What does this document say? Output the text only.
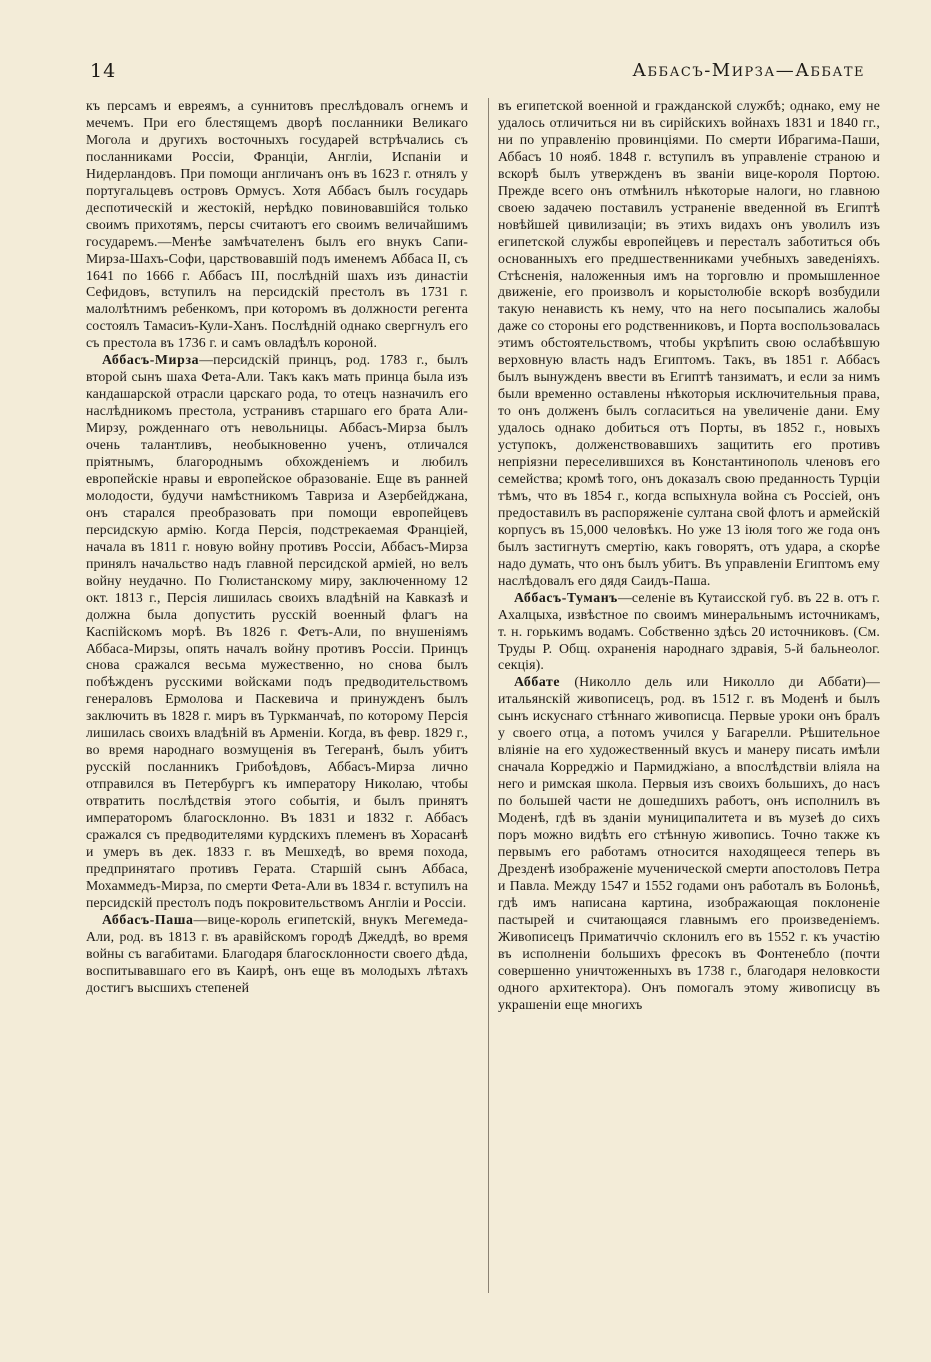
14	Аббасъ-Мирза—Аббате

къ персамъ и евреямъ, а суннитовъ преслѣдовалъ огнемъ и мечемъ. При его блестящемъ дворѣ посланники Великаго Могола и другихъ восточныхъ государей встрѣчались съ посланниками Россіи, Франціи, Англіи, Испаніи и Нидерландовъ. При помощи англичанъ онъ въ 1623 г. отнялъ у португальцевъ островъ Ормусъ. Хотя Аббасъ былъ государь деспотическій и жестокій, нерѣдко повиновавшійся только своимъ прихотямъ, персы считаютъ его своимъ величайшимъ государемъ.—Менѣе замѣчателенъ былъ его внукъ Сапи-Мирза-Шахъ-Софи, царствовавшій подъ именемъ Аббаса II, съ 1641 по 1666 г. Аббасъ III, послѣдній шахъ изъ династіи Сефидовъ, вступилъ на персидскій престолъ въ 1731 г. малолѣтнимъ ребенкомъ, при которомъ въ должности регента состоялъ Тамасиъ-Кули-Ханъ. Послѣдній однако свергнулъ его съ престола въ 1736 г. и самъ овладѣлъ короной.

Аббасъ-Мирза—персидскій принцъ, род. 1783 г., былъ второй сынъ шаха Фета-Али. Такъ какъ мать принца была изъ кандашарской отрасли царскаго рода, то отецъ назначилъ его наслѣдникомъ престола, устранивъ старшаго его брата Али-Мирзу, рожденнаго отъ невольницы. Аббасъ-Мирза былъ очень талантливъ, необыкновенно ученъ, отличался пріятнымъ, благороднымъ обхожденіемъ и любилъ европейскіе нравы и европейское образованіе. Еще въ ранней молодости, будучи намѣстникомъ Тавриза и Азербейджана, онъ старался преобразовать при помощи европейцевъ персидскую армію. Когда Персія, подстрекаемая Франціей, начала въ 1811 г. новую войну противъ Россіи, Аббасъ-Мирза принялъ начальство надъ главной персидской арміей, но велъ войну неудачно. По Гюлистанскому миру, заключенному 12 окт. 1813 г., Персія лишилась своихъ владѣній на Кавказѣ и должна была допустить русскій военный флагъ на Каспійскомъ морѣ. Въ 1826 г. Фетъ-Али, по внушеніямъ Аббаса-Мирзы, опять началъ войну противъ Россіи. Принцъ снова сражался весьма мужественно, но снова былъ побѣжденъ русскими войсками подъ предводительствомъ генераловъ Ермолова и Паскевича и принужденъ былъ заключить въ 1828 г. миръ въ Туркманчаѣ, по которому Персія лишилась своихъ владѣній въ Арменіи. Когда, въ февр. 1829 г., во время народнаго возмущенія въ Тегеранѣ, былъ убитъ русскій посланникъ Грибоѣдовъ, Аббасъ-Мирза лично отправился въ Петербургъ къ императору Николаю, чтобы отвратить послѣдствія этого событія, и былъ принятъ императоромъ благосклонно. Въ 1831 и 1832 г. Аббасъ сражался съ предводителями курдскихъ племенъ въ Хорасанѣ и умеръ въ дек. 1833 г. въ Мешхедѣ, во время похода, предпринятаго противъ Герата. Старшій сынъ Аббаса, Мохаммедъ-Мирза, по смерти Фета-Али въ 1834 г. вступилъ на персидскій престолъ подъ покровительствомъ Англіи и Россіи.

Аббасъ-Паша—вице-король египетскій, внукъ Мегемеда-Али, род. въ 1813 г. въ аравійскомъ городѣ Джеддѣ, во время войны съ вагабитами. Благодаря благосклонности своего дѣда, воспитывавшаго его въ Каирѣ, онъ еще въ молодыхъ лѣтахъ достигъ высшихъ степеней

въ египетской военной и гражданской службѣ; однако, ему не удалось отличиться ни въ сирійскихъ войнахъ 1831 и 1840 гг., ни по управленію провинціями. По смерти Ибрагима-Паши, Аббасъ 10 нояб. 1848 г. вступилъ въ управленіе страною и вскорѣ былъ утвержденъ въ званіи вице-короля Портою. Прежде всего онъ отмѣнилъ нѣкоторые налоги, но главною своею задачею поставилъ устраненіе введенной въ Египтѣ новѣйшей цивилизаціи; въ этихъ видахъ онъ уволилъ изъ египетской службы европейцевъ и пересталъ заботиться объ основанныхъ его предшественниками учебныхъ заведеніяхъ. Стѣсненія, наложенныя имъ на торговлю и промышленное движеніе, его произволъ и корыстолюбіе вскорѣ возбудили такую ненависть къ нему, что на него посыпались жалобы даже со стороны его родственниковъ, и Порта воспользовалась этимъ обстоятельствомъ, чтобы укрѣпить свою ослабѣвшую верховную власть надъ Египтомъ. Такъ, въ 1851 г. Аббасъ былъ вынужденъ ввести въ Египтѣ танзиматъ, и если за нимъ были временно оставлены нѣкоторыя исключительныя права, то онъ долженъ былъ согласиться на увеличеніе дани. Ему удалось однако добиться отъ Порты, въ 1852 г., новыхъ уступокъ, долженствовавшихъ защитить его противъ непріязни переселившихся въ Константинополь членовъ его семейства; кромѣ того, онъ доказалъ свою преданность Турціи тѣмъ, что въ 1854 г., когда вспыхнула война съ Россіей, онъ предоставилъ въ распоряженіе султана свой флотъ и армейскій корпусъ въ 15,000 человѣкъ. Но уже 13 іюля того же года онъ былъ застигнутъ смертію, какъ говорятъ, отъ удара, а скорѣе надо думать, что онъ былъ убитъ. Въ управленіи Египтомъ ему наслѣдовалъ его дядя Саидъ-Паша.

Аббасъ-Туманъ—селеніе въ Кутаисской губ. въ 22 в. отъ г. Ахалцыха, извѣстное по своимъ минеральнымъ источникамъ, т. н. горькимъ водамъ. Собственно здѣсь 20 источниковъ. (См. Труды Р. Общ. охраненія народнаго здравія, 5-й бальнеолог. секція).

Аббате (Николло дель или Николло ди Аббати)—итальянскій живописецъ, род. въ 1512 г. въ Моденѣ и былъ сынъ искуснаго стѣннаго живописца. Первые уроки онъ бралъ у своего отца, а потомъ учился у Багарелли. Рѣшительное вліяніе на его художественный вкусъ и манеру писать имѣли сначала Корреджіо и Пармиджіано, а впослѣдствіи вліяла на него и римская школа. Первыя изъ своихъ большихъ, до насъ по большей части не дошедшихъ работъ, онъ исполнилъ въ Моденѣ, гдѣ въ зданіи муниципалитета и въ музеѣ до сихъ поръ можно видѣть его стѣнную живопись. Точно также къ первымъ его работамъ относится находящееся теперь въ Дрезденѣ изображеніе мученической смерти апостоловъ Петра и Павла. Между 1547 и 1552 годами онъ работалъ въ Болоньѣ, гдѣ имъ написана картина, изображающая поклоненіе пастырей и считающаяся главнымъ его произведеніемъ. Живописецъ Приматиччіо склонилъ его въ 1552 г. къ участію въ исполненіи большихъ фресокъ въ Фонтенебло (почти совершенно уничтоженныхъ въ 1738 г., благодаря неловкости одного архитектора). Онъ помогалъ этому живописцу въ украшеніи еще многихъ
